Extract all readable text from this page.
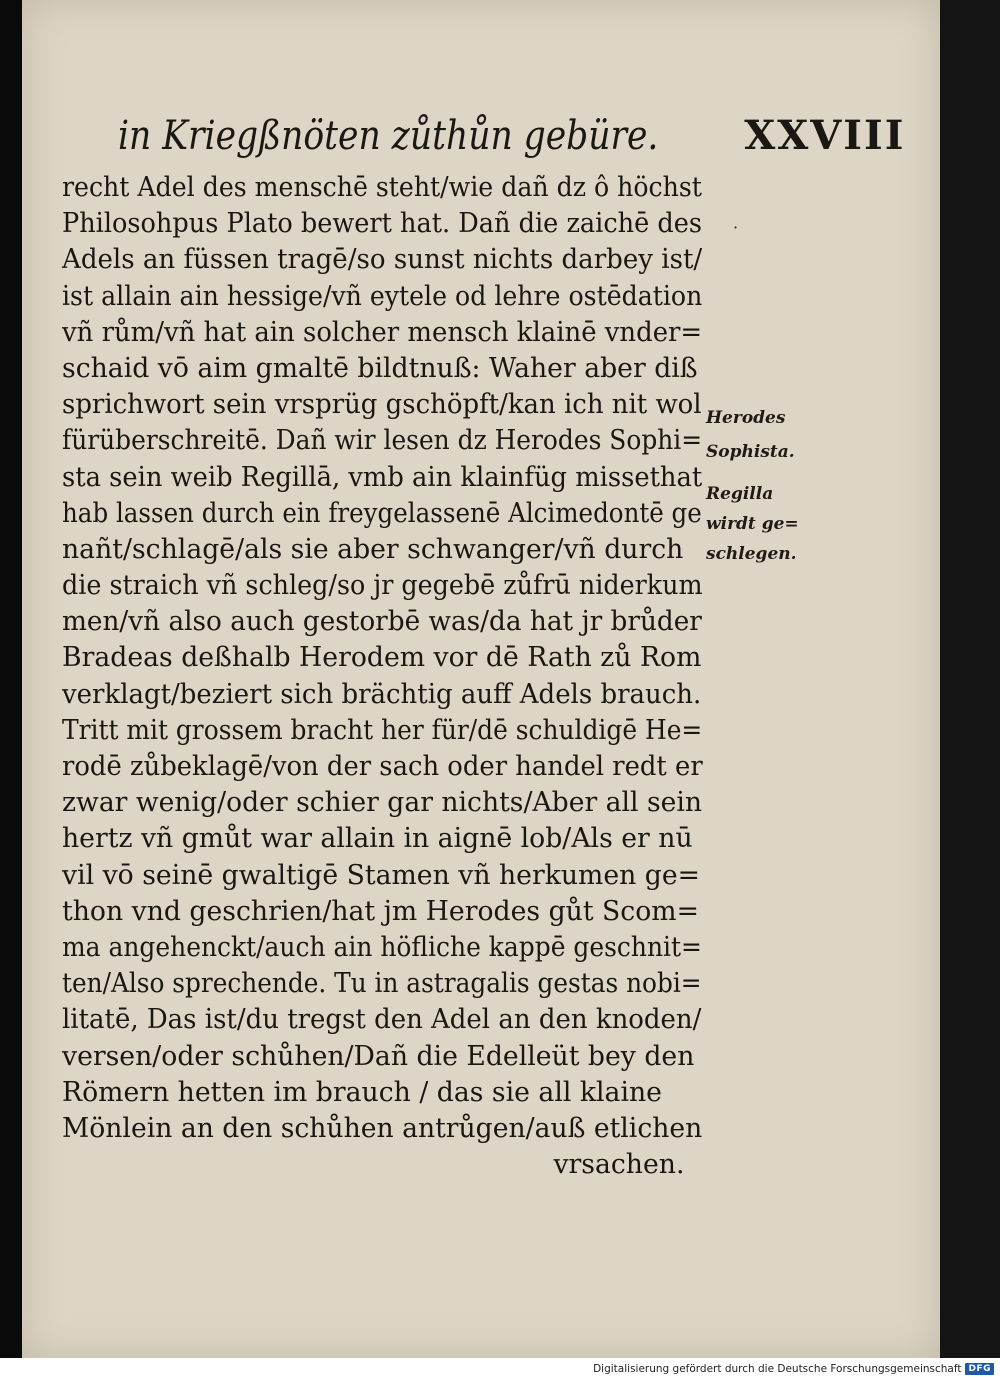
in Kriegßnöten zůthůn gebüre. XXVIII
·
recht Adel des menschē steht/wie dañ dz ô höchst
Philosohpus Plato bewert hat. Dañ die zaichē des
Adels an füssen tragē/so sunst nichts darbey ist/
ist allain ain hessige/vñ eytele od lehre ostēdation
vñ rům/vñ hat ain solcher mensch klainē vnder=
schaid vō aim gmaltē bildtnuß: Waher aber diß
sprichwort sein vrsprüg gschöpft/kan ich nit wol
fürüberschreitē. Dañ wir lesen dz Herodes Sophi=
sta sein weib Regillā, vmb ain klainfüg missethat
hab lassen durch ein freygelassenē Alcimedontē ge
nañt/schlagē/als sie aber schwanger/vñ durch
die straich vñ schleg/so jr gegebē zůfrū niderkum
men/vñ also auch gestorbē was/da hat jr brůder
Bradeas deßhalb Herodem vor dē Rath zů Rom
verklagt/beziert sich brächtig auff Adels brauch.
Tritt mit grossem bracht her für/dē schuldigē He=
rodē zůbeklagē/von der sach oder handel redt er
zwar wenig/oder schier gar nichts/Aber all sein
hertz vñ gmůt war allain in aignē lob/Als er nū
vil vō seinē gwaltigē Stamen vñ herkumen ge=
thon vnd geschrien/hat jm Herodes gůt Scom=
ma angehenckt/auch ain höfliche kappē geschnit=
ten/Also sprechende. Tu in astragalis gestas nobi=
litatē, Das ist/du tregst den Adel an den knoden/
versen/oder schůhen/Dañ die Edelleüt bey den
Römern hetten im brauch / das sie all klaine
Mönlein an den schůhen antrůgen/auß etlichen
vrsachen.
Herodes
Sophista.
Regilla
wirdt ge=
schlegen.
Digitalisierung gefördert durch die Deutsche Forschungsgemeinschaft DFG
